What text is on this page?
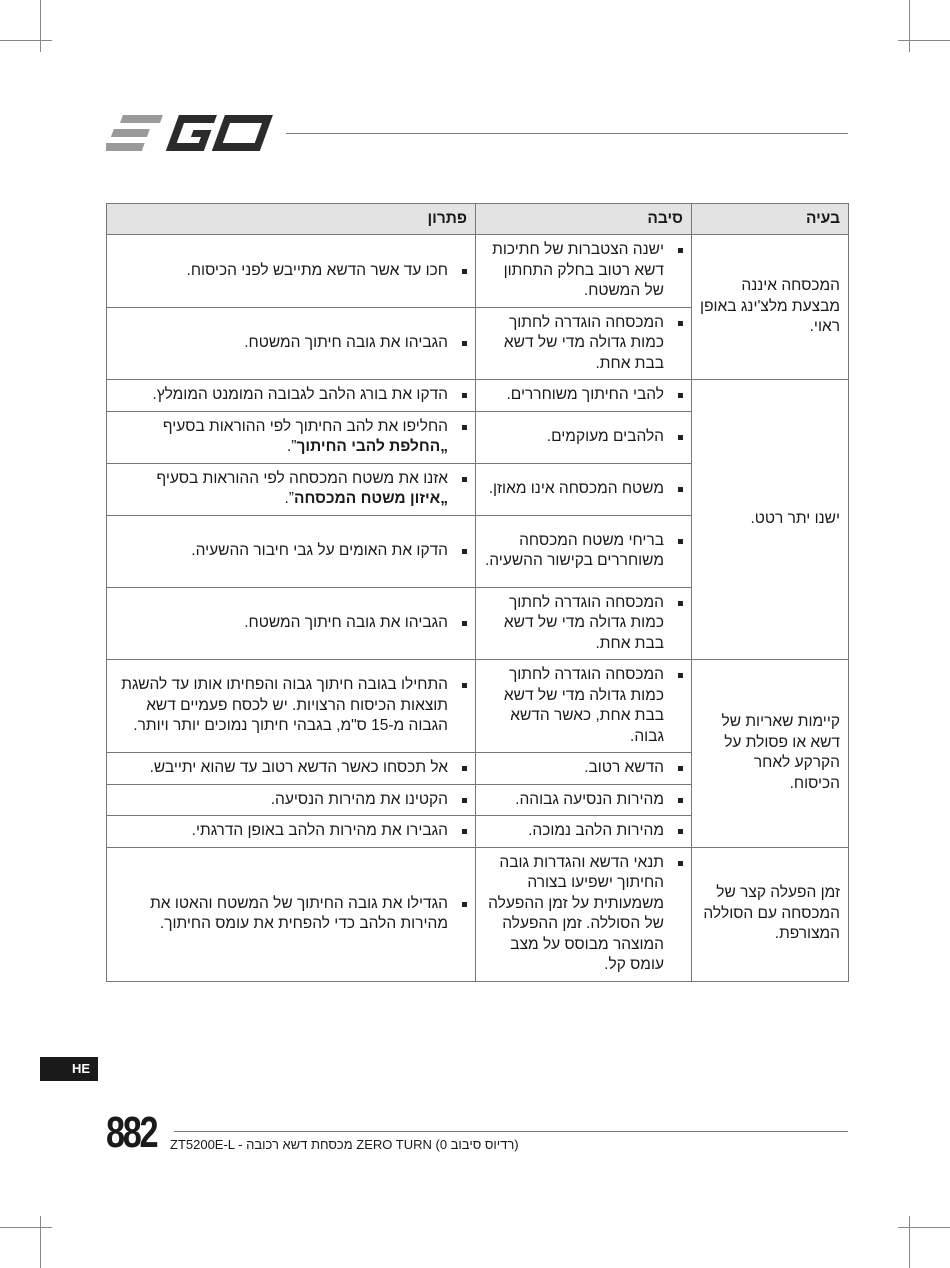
בעיה	סיבה	פתרון
המכסחה איננה מבצעת מלצ'ינג באופן ראוי.	ישנה הצטברות של חתיכות דשא רטוב בחלק התחתון של המשטח.	חכו עד אשר הדשא מתייבש לפני הכיסוח.

	המכסחה הוגדרה לחתוך כמות גדולה מדי של דשא בבת אחת.	הגביהו את גובה חיתוך המשטח.

ישנו יתר רטט.	להבי החיתוך משוחררים.	הדקו את בורג הלהב לגבובה המומנט המומלץ.

	הלהבים מעוקמים.	החליפו את להב החיתוך לפי ההוראות בסעיף „החלפת להבי החיתוך”.

	משטח המכסחה אינו מאוזן.	אזנו את משטח המכסחה לפי ההוראות בסעיף „איזון משטח המכסחה”.

	בריחי משטח המכסחה משוחררים בקישור ההשעיה.	הדקו את האומים על גבי חיבור ההשעיה.

	המכסחה הוגדרה לחתוך כמות גדולה מדי של דשא בבת אחת.	הגביהו את גובה חיתוך המשטח.

קיימות שאריות של דשא או פסולת על הקרקע לאחר הכיסוח.	המכסחה הוגדרה לחתוך כמות גדולה מדי של דשא בבת אחת, כאשר הדשא גבוה.	התחילו בגובה חיתוך גבוה והפחיתו אותו עד להשגת תוצאות הכיסוח הרצויות. יש לכסח פעמיים דשא הגבוה מ-15 ס"מ, בגבהי חיתוך נמוכים יותר ויותר.

	הדשא רטוב.	אל תכסחו כאשר הדשא רטוב עד שהוא יתייבש.

	מהירות הנסיעה גבוהה.	הקטינו את מהירות הנסיעה.

	מהירות הלהב נמוכה.	הגבירו את מהירות הלהב באופן הדרגתי.

זמן הפעלה קצר של המכסחה עם הסוללה המצורפת.	תנאי הדשא והגדרות גובה החיתוך ישפיעו בצורה משמעותית על זמן ההפעלה של הסוללה. זמן ההפעלה המוצהר מבוסס על מצב עומס קל.	הגדילו את גובה החיתוך של המשטח והאטו את מהירות הלהב כדי להפחית את עומס החיתוך.
HE
882 ZT5200E-L - מכסחת דשא רכובה ZERO TURN (רדיוס סיבוב 0)
